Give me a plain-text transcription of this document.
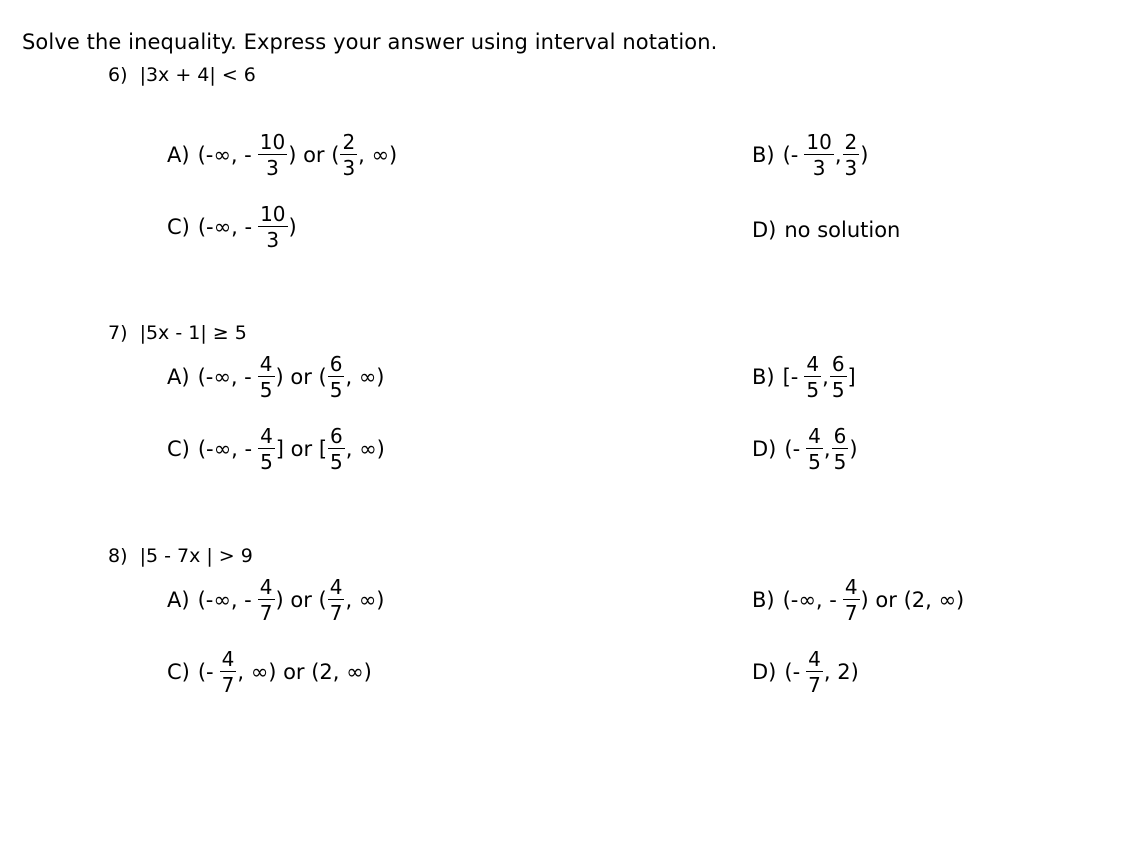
Solve the inequality. Express your answer using interval notation.
6) |3x + 4| < 6
A) (-∞, - $\frac{10}{3}$ ) or ( $\frac{2}{3}$ , ∞)	B) (- $\frac{10}{3}$ , $\frac{2}{3}$ )
C) (-∞, - $\frac{10}{3}$ )	D) no solution
7) |5x - 1| ≥ 5
A) (-∞, - $\frac{4}{5}$ ) or ( $\frac{6}{5}$ , ∞)	B) [- $\frac{4}{5}$ , $\frac{6}{5}$ ]
C) (-∞, - $\frac{4}{5}$ ] or [ $\frac{6}{5}$ , ∞)	D) (- $\frac{4}{5}$ , $\frac{6}{5}$ )
8) |5 - 7x | > 9
A) (-∞, - $\frac{4}{7}$ ) or ( $\frac{4}{7}$ , ∞)	B) (-∞, - $\frac{4}{7}$ ) or (2, ∞)
C) (- $\frac{4}{7}$ , ∞) or (2, ∞)	D) (- $\frac{4}{7}$ , 2)
